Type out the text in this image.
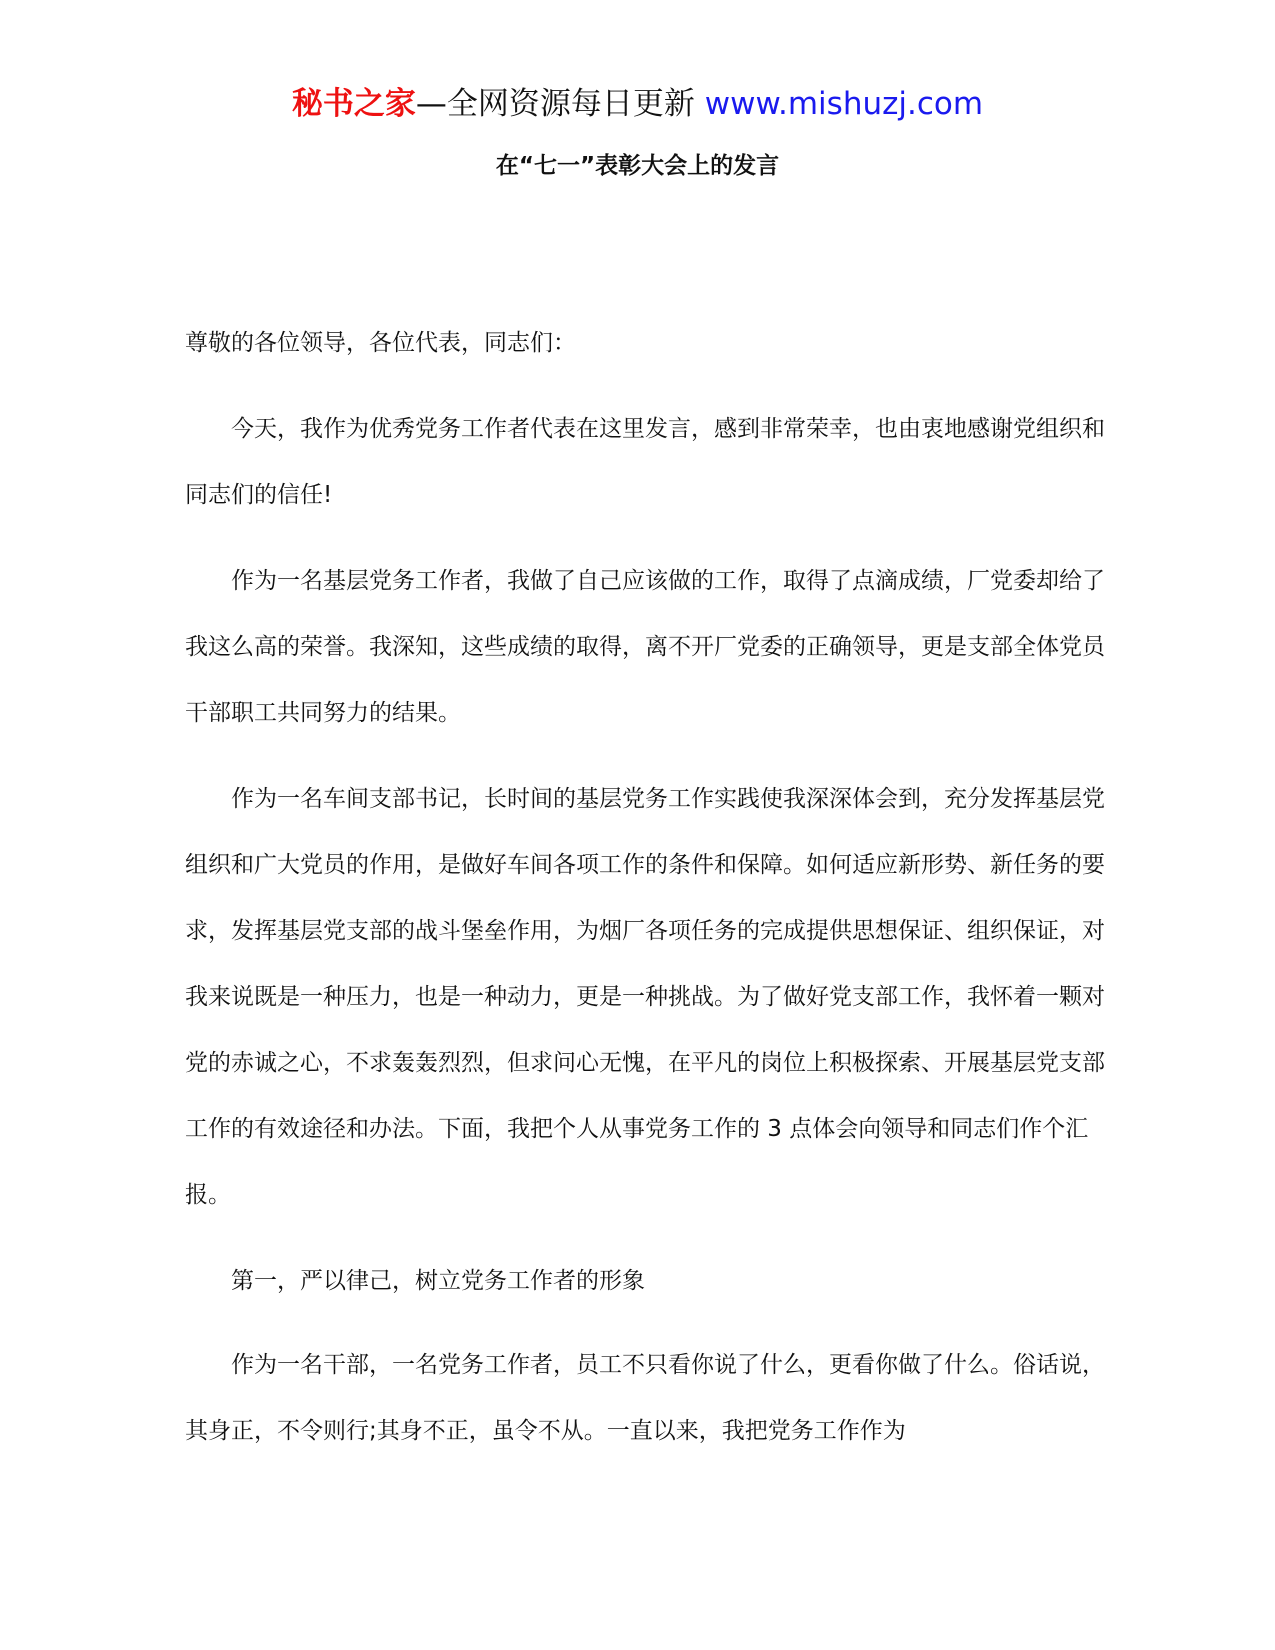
秘书之家—全网资源每日更新 www.mishuzj.com
在“七一”表彰大会上的发言

尊敬的各位领导，各位代表，同志们：

今天，我作为优秀党务工作者代表在这里发言，感到非常荣幸，也由衷地感谢党组织和同志们的信任!

作为一名基层党务工作者，我做了自己应该做的工作，取得了点滴成绩，厂党委却给了我这么高的荣誉。我深知，这些成绩的取得，离不开厂党委的正确领导，更是支部全体党员干部职工共同努力的结果。

作为一名车间支部书记，长时间的基层党务工作实践使我深深体会到，充分发挥基层党组织和广大党员的作用，是做好车间各项工作的条件和保障。如何适应新形势、新任务的要求，发挥基层党支部的战斗堡垒作用，为烟厂各项任务的完成提供思想保证、组织保证，对我来说既是一种压力，也是一种动力，更是一种挑战。为了做好党支部工作，我怀着一颗对党的赤诚之心，不求轰轰烈烈，但求问心无愧，在平凡的岗位上积极探索、开展基层党支部工作的有效途径和办法。下面，我把个人从事党务工作的 3 点体会向领导和同志们作个汇报。

第一，严以律己，树立党务工作者的形象

作为一名干部，一名党务工作者，员工不只看你说了什么，更看你做了什么。俗话说，其身正，不令则行;其身不正，虽令不从。一直以来，我把党务工作作为
